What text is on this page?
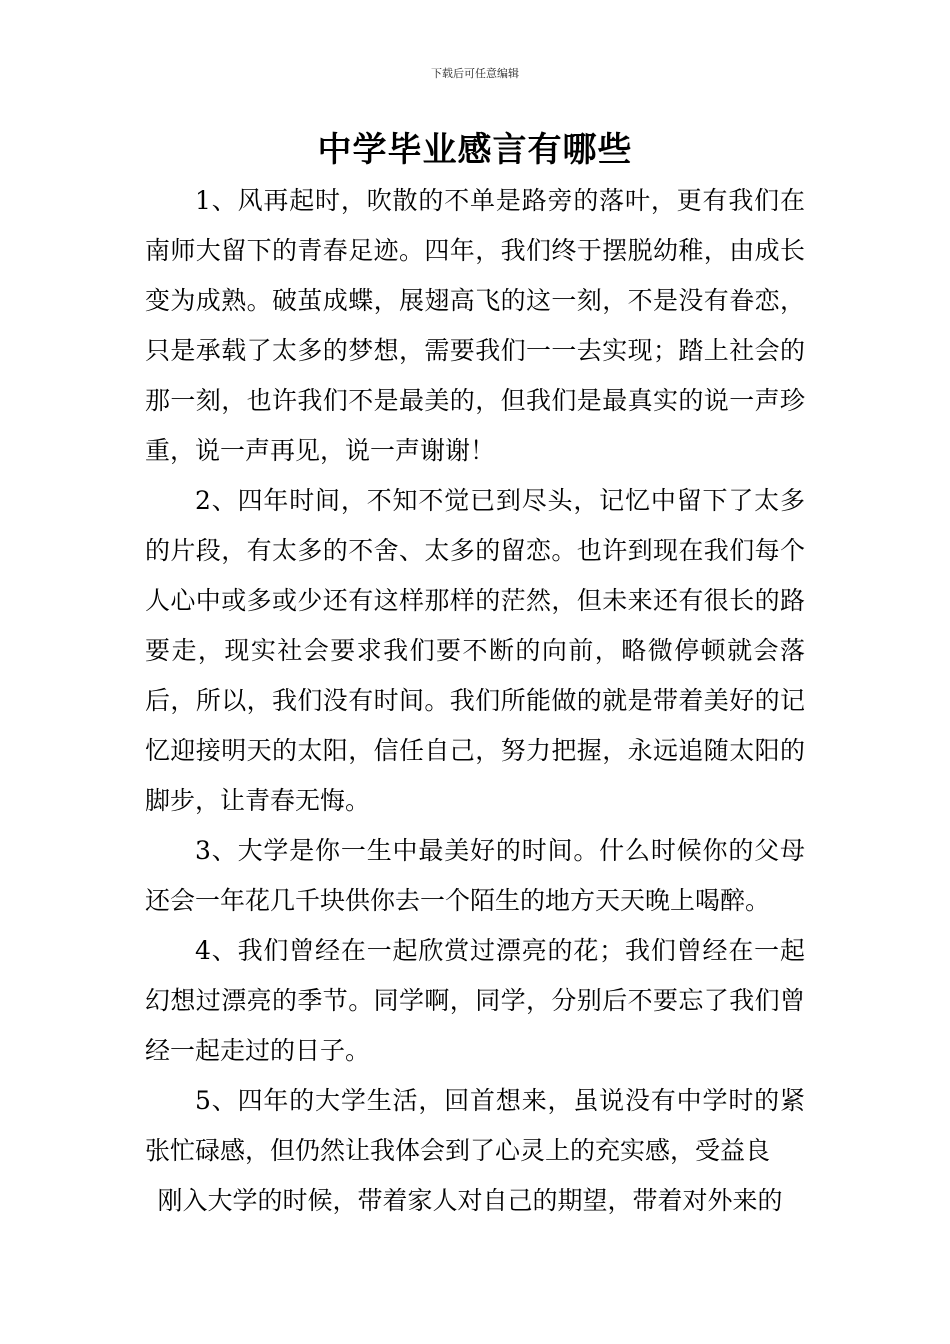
下载后可任意编辑
中学毕业感言有哪些

1、风再起时，吹散的不单是路旁的落叶，更有我们在南师大留下的青春足迹。四年，我们终于摆脱幼稚，由成长变为成熟。破茧成蝶，展翅高飞的这一刻，不是没有眷恋，只是承载了太多的梦想，需要我们一一去实现；踏上社会的那一刻，也许我们不是最美的，但我们是最真实的说一声珍重，说一声再见，说一声谢谢！

2、四年时间，不知不觉已到尽头，记忆中留下了太多的片段，有太多的不舍、太多的留恋。也许到现在我们每个人心中或多或少还有这样那样的茫然，但未来还有很长的路要走，现实社会要求我们要不断的向前，略微停顿就会落后，所以，我们没有时间。我们所能做的就是带着美好的记忆迎接明天的太阳，信任自己，努力把握，永远追随太阳的脚步，让青春无悔。

3、大学是你一生中最美好的时间。什么时候你的父母还会一年花几千块供你去一个陌生的地方天天晚上喝醉。

4、我们曾经在一起欣赏过漂亮的花；我们曾经在一起幻想过漂亮的季节。同学啊，同学，分别后不要忘了我们曾经一起走过的日子。

5、四年的大学生活，回首想来，虽说没有中学时的紧张忙碌感，但仍然让我体会到了心灵上的充实感，受益良

刚入大学的时候，带着家人对自己的期望，带着对外来的
